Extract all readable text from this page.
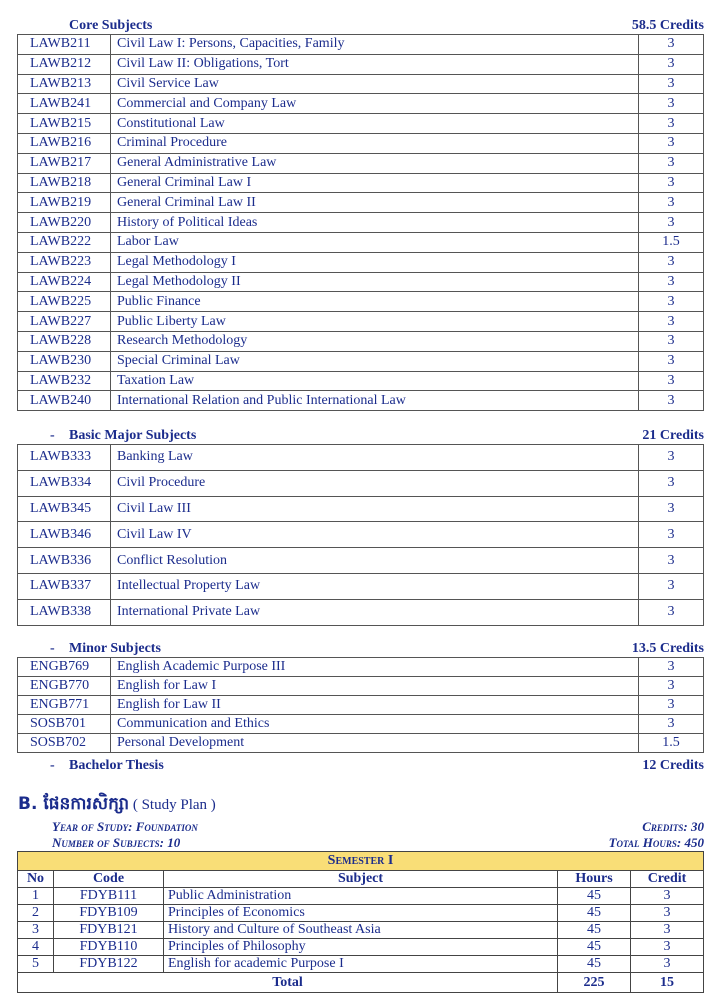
Core Subjects	58.5 Credits
LAWB211	Civil Law I: Persons, Capacities, Family	3
LAWB212	Civil Law II: Obligations, Tort	3
LAWB213	Civil Service Law	3
LAWB241	Commercial and Company Law	3
LAWB215	Constitutional Law	3
LAWB216	Criminal Procedure	3
LAWB217	General Administrative Law	3
LAWB218	General Criminal Law I	3
LAWB219	General Criminal Law II	3
LAWB220	History of Political Ideas	3
LAWB222	Labor Law	1.5
LAWB223	Legal Methodology I	3
LAWB224	Legal Methodology II	3
LAWB225	Public Finance	3
LAWB227	Public Liberty Law	3
LAWB228	Research Methodology	3
LAWB230	Special Criminal Law	3
LAWB232	Taxation Law	3
LAWB240	International Relation and Public International Law	3
- Basic Major Subjects	21 Credits
LAWB333	Banking Law	3
LAWB334	Civil Procedure	3
LAWB345	Civil Law III	3
LAWB346	Civil Law IV	3
LAWB336	Conflict Resolution	3
LAWB337	Intellectual Property Law	3
LAWB338	International Private Law	3
- Minor Subjects	13.5 Credits
ENGB769	English Academic Purpose III	3
ENGB770	English for Law I	3
ENGB771	English for Law II	3
SOSB701	Communication and Ethics	3
SOSB702	Personal Development	1.5
- Bachelor Thesis	12 Credits
B. ផែនការសិក្សា ( Study Plan )
Year of Study: Foundation
Number of Subjects: 10
Credits: 30
Total Hours: 450
Semester I				
No	Code	Subject	Hours	Credit
1	FDYB111	Public Administration	45	3
2	FDYB109	Principles of Economics	45	3
3	FDYB121	History and Culture of Southeast Asia	45	3
4	FDYB110	Principles of Philosophy	45	3
5	FDYB122	English for academic Purpose I	45	3
Total			225	15
